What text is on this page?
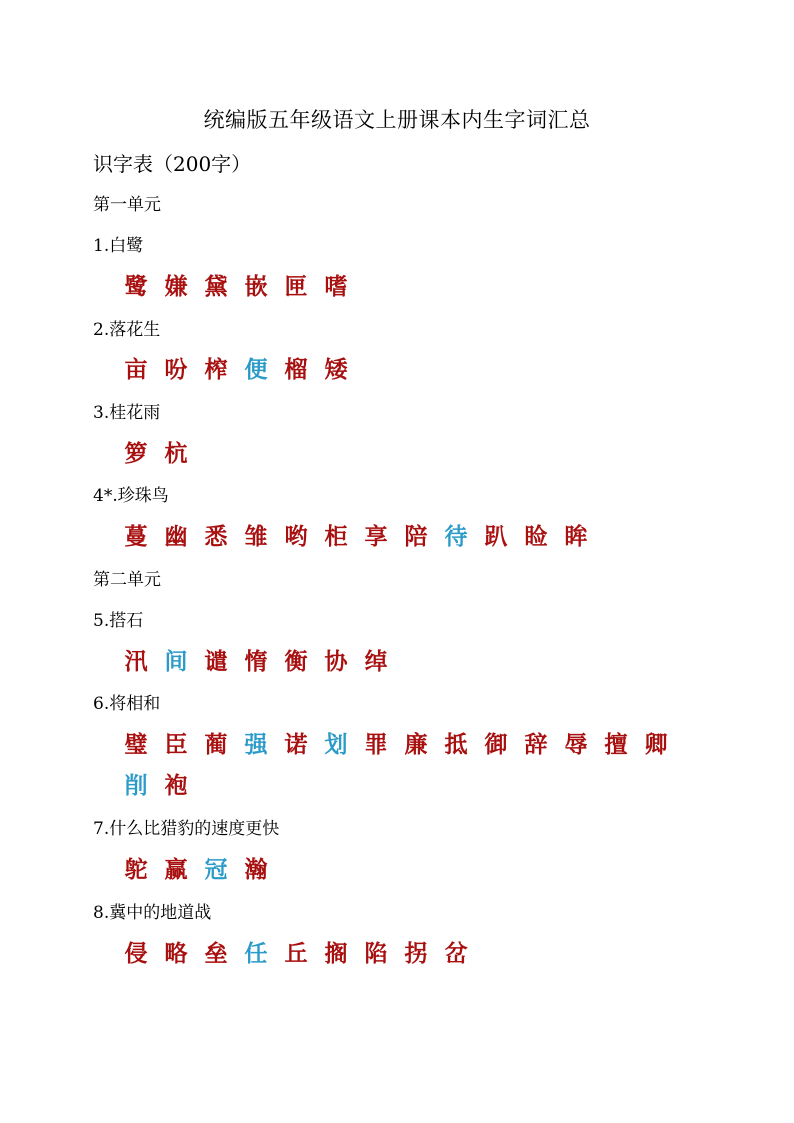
统编版五年级语文上册课本内生字词汇总
识字表（200字）
第一单元
1.白鹭
鹭 嫌 黛 嵌 匣 嗜
2.落花生
亩 吩 榨 便 榴 矮
3.桂花雨
箩 杭
4*.珍珠鸟
蔓 幽 悉 雏 哟 柜 享 陪 待 趴 睑 眸
第二单元
5.搭石
汛 间 谴 惰 衡 协 绰
6.将相和
璧 臣 蔺 强 诺 划 罪 廉 抵 御 辞 辱 擅 卿
削 袍
7.什么比猎豹的速度更快
鸵 赢 冠 瀚
8.冀中的地道战
侵 略 垒 任 丘 搁 陷 拐 岔
